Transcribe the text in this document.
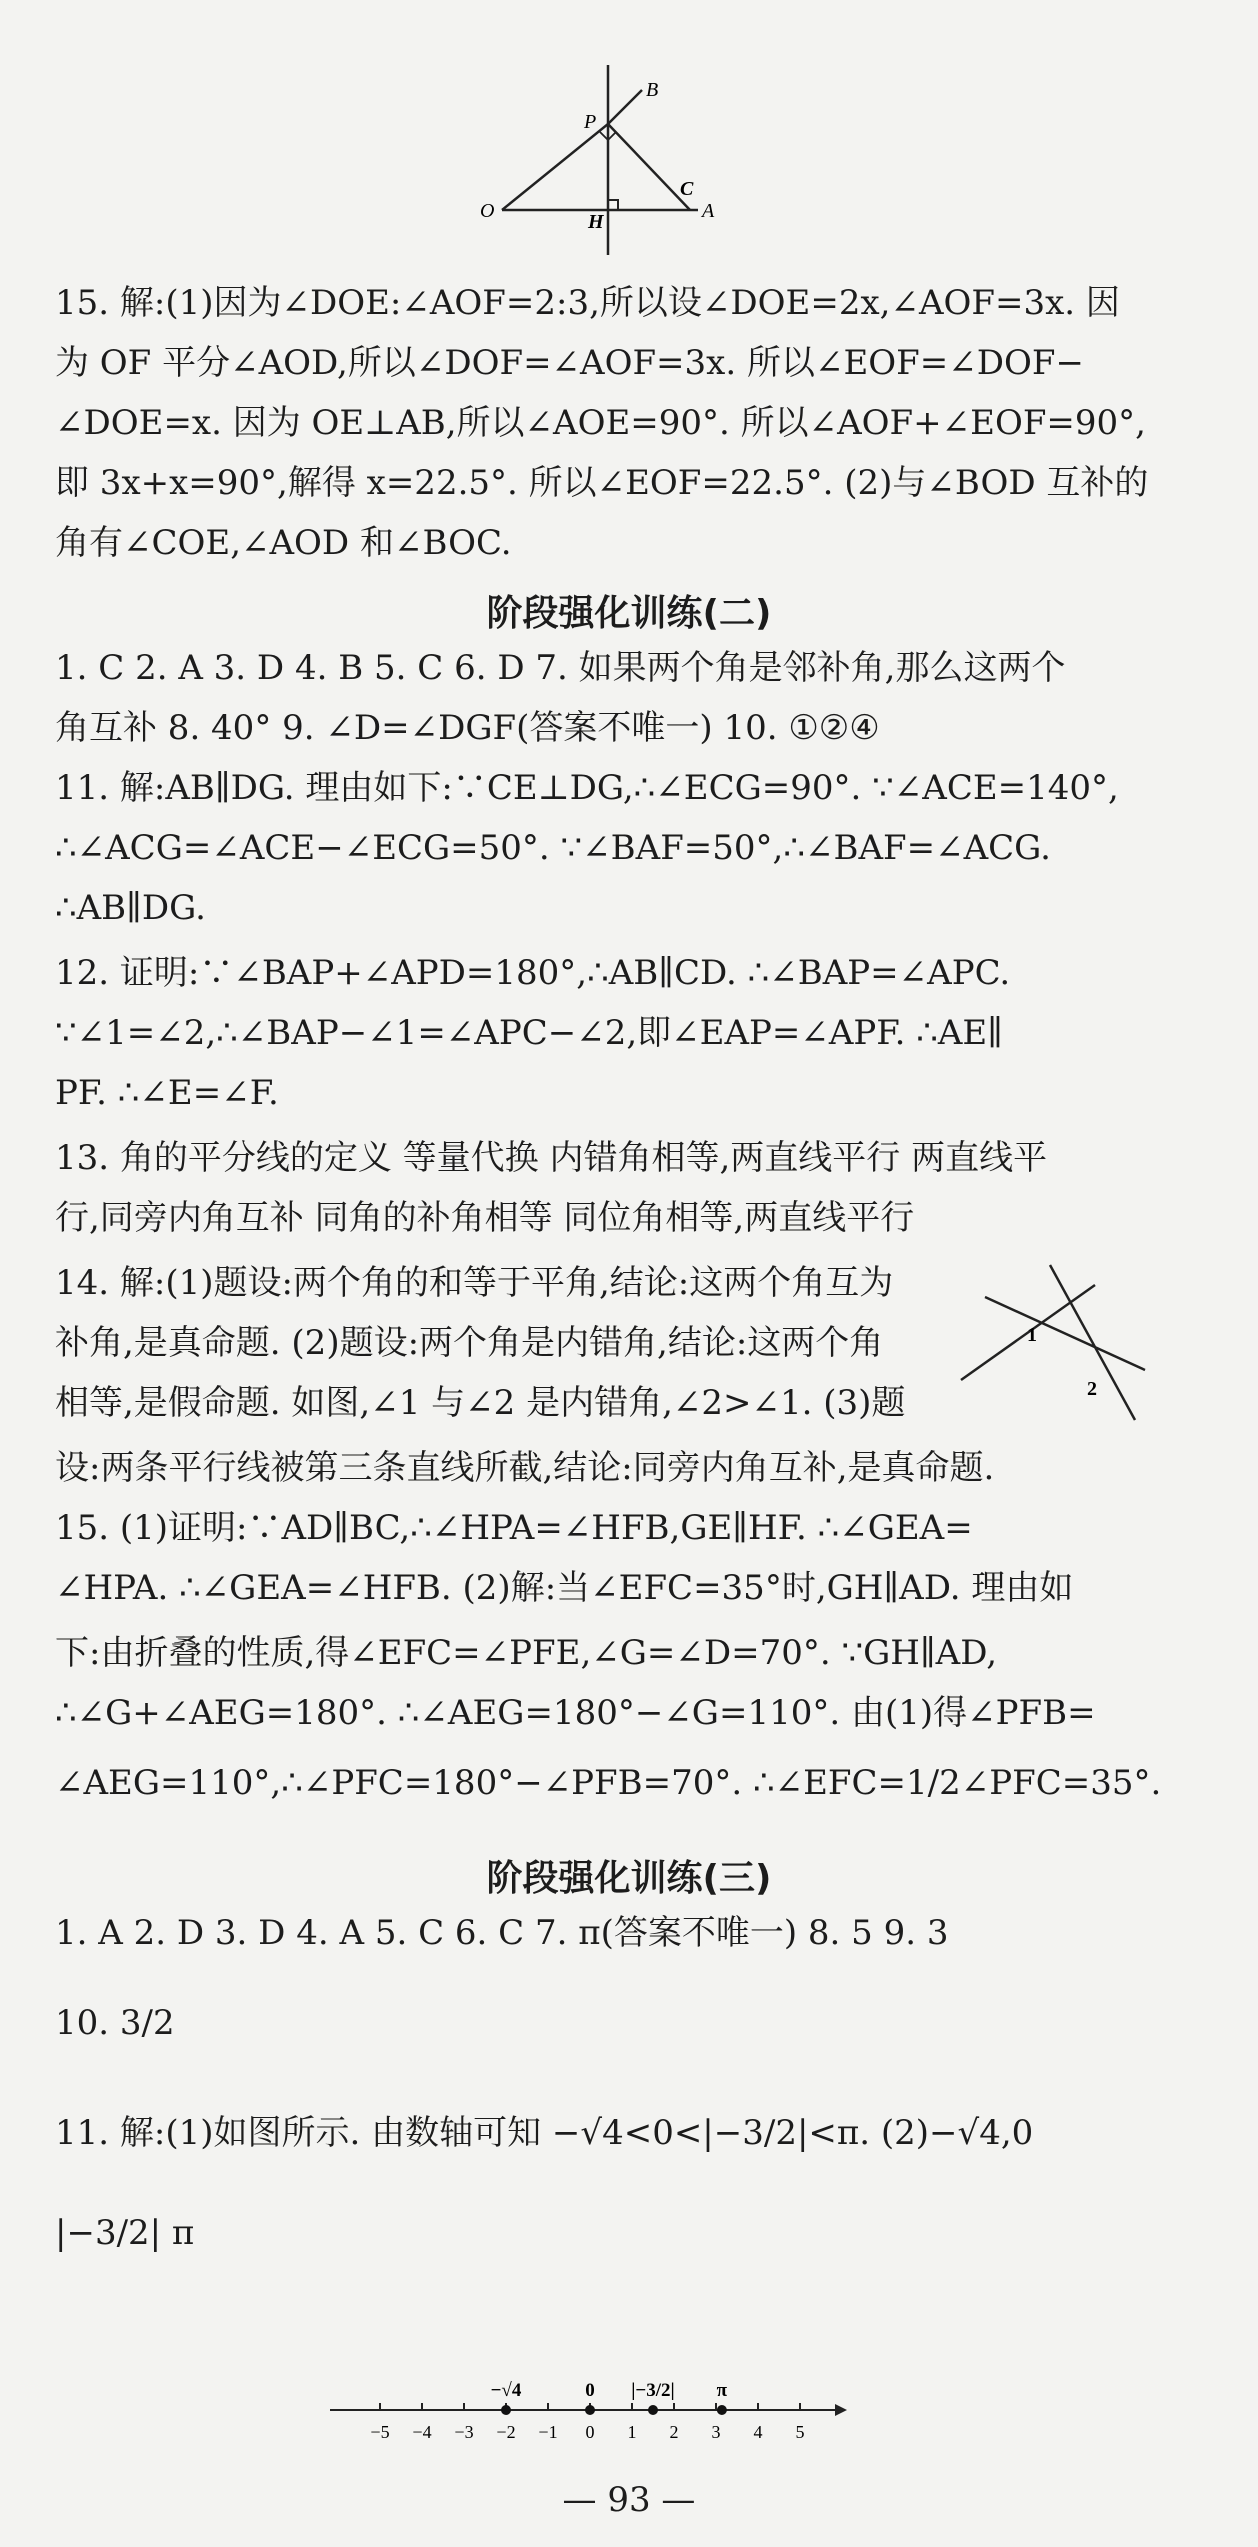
B
P
C
O	H	A
15. 解:(1)因为∠DOE:∠AOF=2:3,所以设∠DOE=2x,∠AOF=3x. 因
为 OF 平分∠AOD,所以∠DOF=∠AOF=3x. 所以∠EOF=∠DOF−
∠DOE=x. 因为 OE⊥AB,所以∠AOE=90°. 所以∠AOF+∠EOF=90°,
即 3x+x=90°,解得 x=22.5°. 所以∠EOF=22.5°. (2)与∠BOD 互补的
角有∠COE,∠AOD 和∠BOC.
阶段强化训练(二)
1. C 2. A 3. D 4. B 5. C 6. D 7. 如果两个角是邻补角,那么这两个
角互补 8. 40° 9. ∠D=∠DGF(答案不唯一) 10. ①②④
11. 解:AB∥DG. 理由如下:∵CE⊥DG,∴∠ECG=90°. ∵∠ACE=140°,
∴∠ACG=∠ACE−∠ECG=50°. ∵∠BAF=50°,∴∠BAF=∠ACG.
∴AB∥DG.
12. 证明:∵∠BAP+∠APD=180°,∴AB∥CD. ∴∠BAP=∠APC.
∵∠1=∠2,∴∠BAP−∠1=∠APC−∠2,即∠EAP=∠APF. ∴AE∥
PF. ∴∠E=∠F.
13. 角的平分线的定义 等量代换 内错角相等,两直线平行 两直线平
行,同旁内角互补 同角的补角相等 同位角相等,两直线平行
14. 解:(1)题设:两个角的和等于平角,结论:这两个角互为
补角,是真命题. (2)题设:两个角是内错角,结论:这两个角
相等,是假命题. 如图,∠1 与∠2 是内错角,∠2>∠1. (3)题
设:两条平行线被第三条直线所截,结论:同旁内角互补,是真命题.
1
2
15. (1)证明:∵AD∥BC,∴∠HPA=∠HFB,GE∥HF. ∴∠GEA=
∠HPA. ∴∠GEA=∠HFB. (2)解:当∠EFC=35°时,GH∥AD. 理由如
下:由折叠的性质,得∠EFC=∠PFE,∠G=∠D=70°. ∵GH∥AD,
∴∠G+∠AEG=180°. ∴∠AEG=180°−∠G=110°. 由(1)得∠PFB=
∠AEG=110°,∴∠PFC=180°−∠PFB=70°. ∴∠EFC=1/2∠PFC=35°.
阶段强化训练(三)
1. A 2. D 3. D 4. A 5. C 6. C 7. π(答案不唯一) 8. 5 9. 3
10. 3/2
11. 解:(1)如图所示. 由数轴可知 −√4<0<|−3/2|<π. (2)−√4,0
|−3/2| π
−5 −4 −3 −2 −1 0 1 2 3 4 5
−√4	0 |−3/2| π
— 93 —
